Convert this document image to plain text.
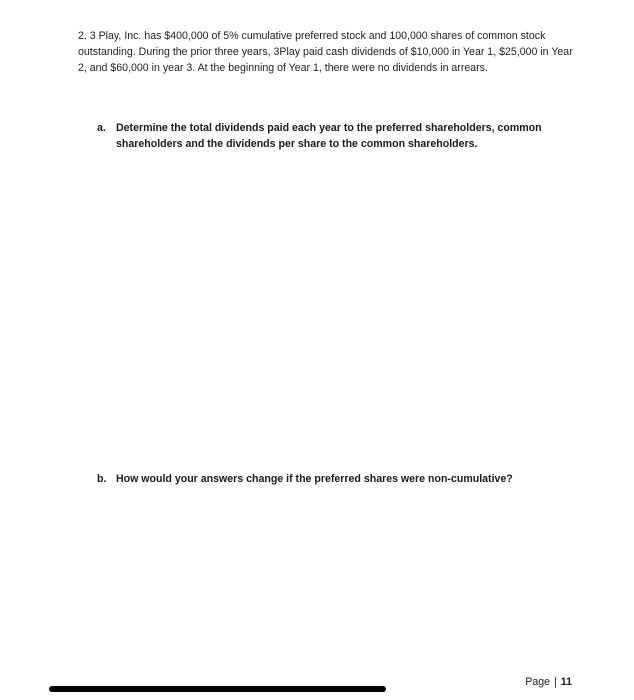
2. 3 Play, Inc. has $400,000 of 5% cumulative preferred stock and 100,000 shares of common stock outstanding. During the prior three years, 3Play paid cash dividends of $10,000 in Year 1, $25,000 in Year 2, and $60,000 in year 3. At the beginning of Year 1, there were no dividends in arrears.

a. Determine the total dividends paid each year to the preferred shareholders, common shareholders and the dividends per share to the common shareholders.
b. How would your answers change if the preferred shares were non-cumulative?
Page | 11
